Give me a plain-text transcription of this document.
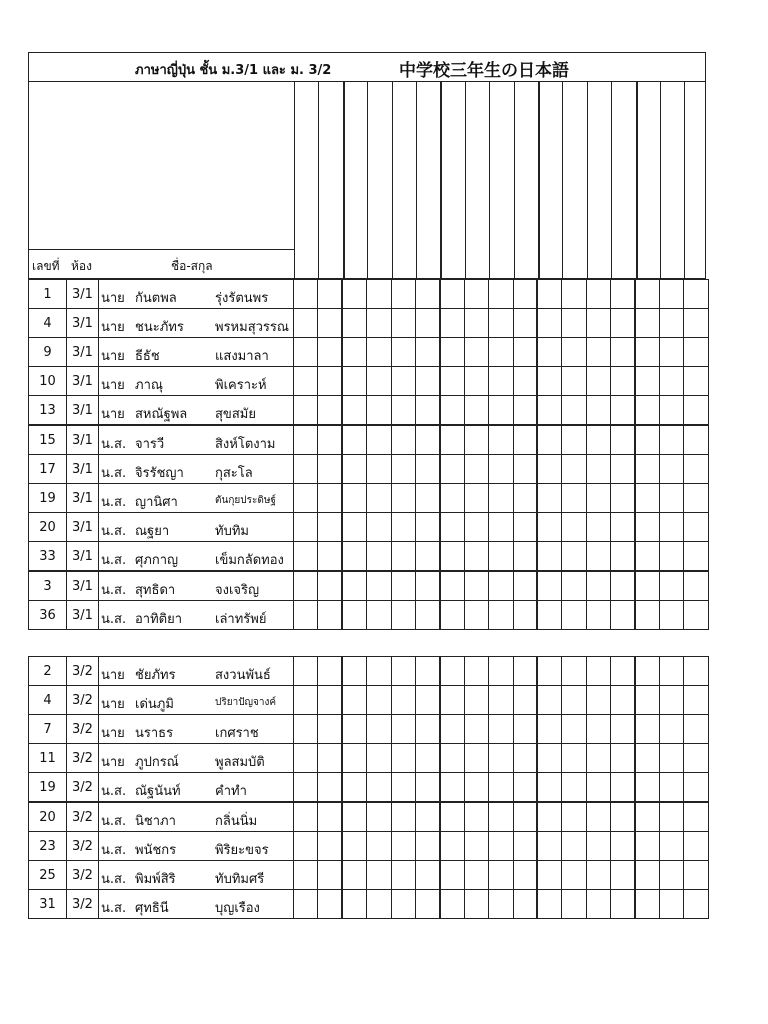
ภาษาญี่ปุ่น ชั้น ม.3/1 และ ม. 3/2	中学校三年生の日本語
เลขที่ ห้อง	ชื่อ-สกุล
1	3/1	นาย กันตพล รุ่งรัตนพร																	

4	3/1	นาย ชนะภัทร พรหมสุวรรณ																	

9	3/1	นาย ธีธัช แสงมาลา																	

10	3/1	นาย ภาณุ พิเคราะห์																	

13	3/1	นาย สหณัฐพล สุขสมัย																	

15	3/1	น.ส. จารวี สิงห์โตงาม																	

17	3/1	น.ส. จิรรัชญา กุสะโล																	

19	3/1	น.ส. ญานิศา ตันกุยประดิษฐ์																	

20	3/1	น.ส. ณฐยา ทับทิม																	

33	3/1	น.ส. ศุภกาญ เข็มกลัดทอง																	

3	3/1	น.ส. สุทธิดา จงเจริญ																	

36	3/1	น.ส. อาทิติยา เล่าทรัพย์																	

2	3/2	นาย ชัยภัทร สงวนพันธ์																	

4	3/2	นาย เด่นภูมิ ปริยาปัญจางค์																	

7	3/2	นาย นราธร เกศราช																	

11	3/2	นาย ภูปกรณ์ พูลสมบัติ																	

19	3/2	น.ส. ณัฐนันท์ คำทำ																	

20	3/2	น.ส. นิชาภา กลิ่นนิ่ม																	

23	3/2	น.ส. พนัชกร พิริยะขจร																	

25	3/2	น.ส. พิมพ์สิริ ทับทิมศรี																	

31	3/2	น.ส. ศุทธินี บุญเรือง																	
